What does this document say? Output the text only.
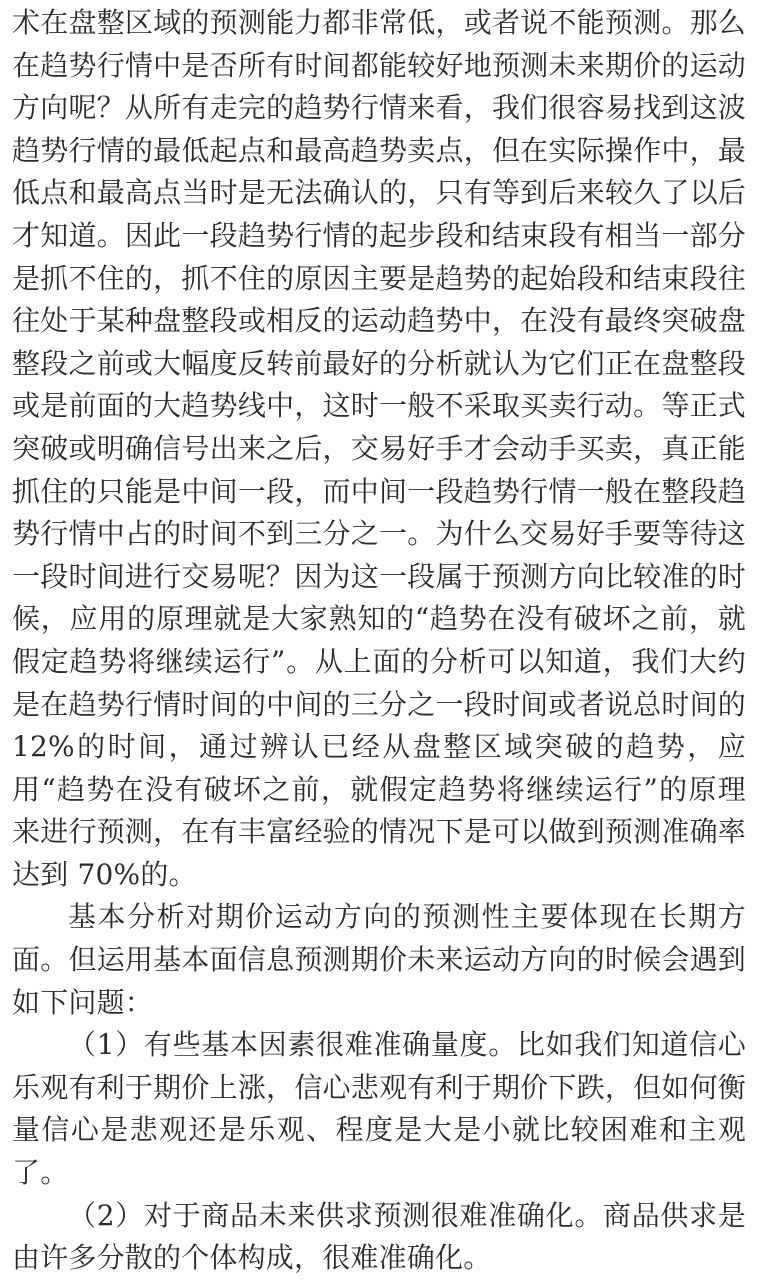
术在盘整区域的预测能力都非常低，或者说不能预测。那么在趋势行情中是否所有时间都能较好地预测未来期价的运动方向呢？从所有走完的趋势行情来看，我们很容易找到这波趋势行情的最低起点和最高趋势卖点，但在实际操作中，最低点和最高点当时是无法确认的，只有等到后来较久了以后才知道。因此一段趋势行情的起步段和结束段有相当一部分是抓不住的，抓不住的原因主要是趋势的起始段和结束段往往处于某种盘整段或相反的运动趋势中，在没有最终突破盘整段之前或大幅度反转前最好的分析就认为它们正在盘整段或是前面的大趋势线中，这时一般不采取买卖行动。等正式突破或明确信号出来之后，交易好手才会动手买卖，真正能抓住的只能是中间一段，而中间一段趋势行情一般在整段趋势行情中占的时间不到三分之一。为什么交易好手要等待这一段时间进行交易呢？因为这一段属于预测方向比较准的时候，应用的原理就是大家熟知的“趋势在没有破坏之前，就假定趋势将继续运行”。从上面的分析可以知道，我们大约是在趋势行情时间的中间的三分之一段时间或者说总时间的 12%的时间，通过辨认已经从盘整区域突破的趋势，应用“趋势在没有破坏之前，就假定趋势将继续运行”的原理来进行预测，在有丰富经验的情况下是可以做到预测准确率达到 70%的。

基本分析对期价运动方向的预测性主要体现在长期方面。但运用基本面信息预测期价未来运动方向的时候会遇到如下问题：

（1）有些基本因素很难准确量度。比如我们知道信心乐观有利于期价上涨，信心悲观有利于期价下跌，但如何衡量信心是悲观还是乐观、程度是大是小就比较困难和主观了。

（2）对于商品未来供求预测很难准确化。商品供求是由许多分散的个体构成，很难准确化。
